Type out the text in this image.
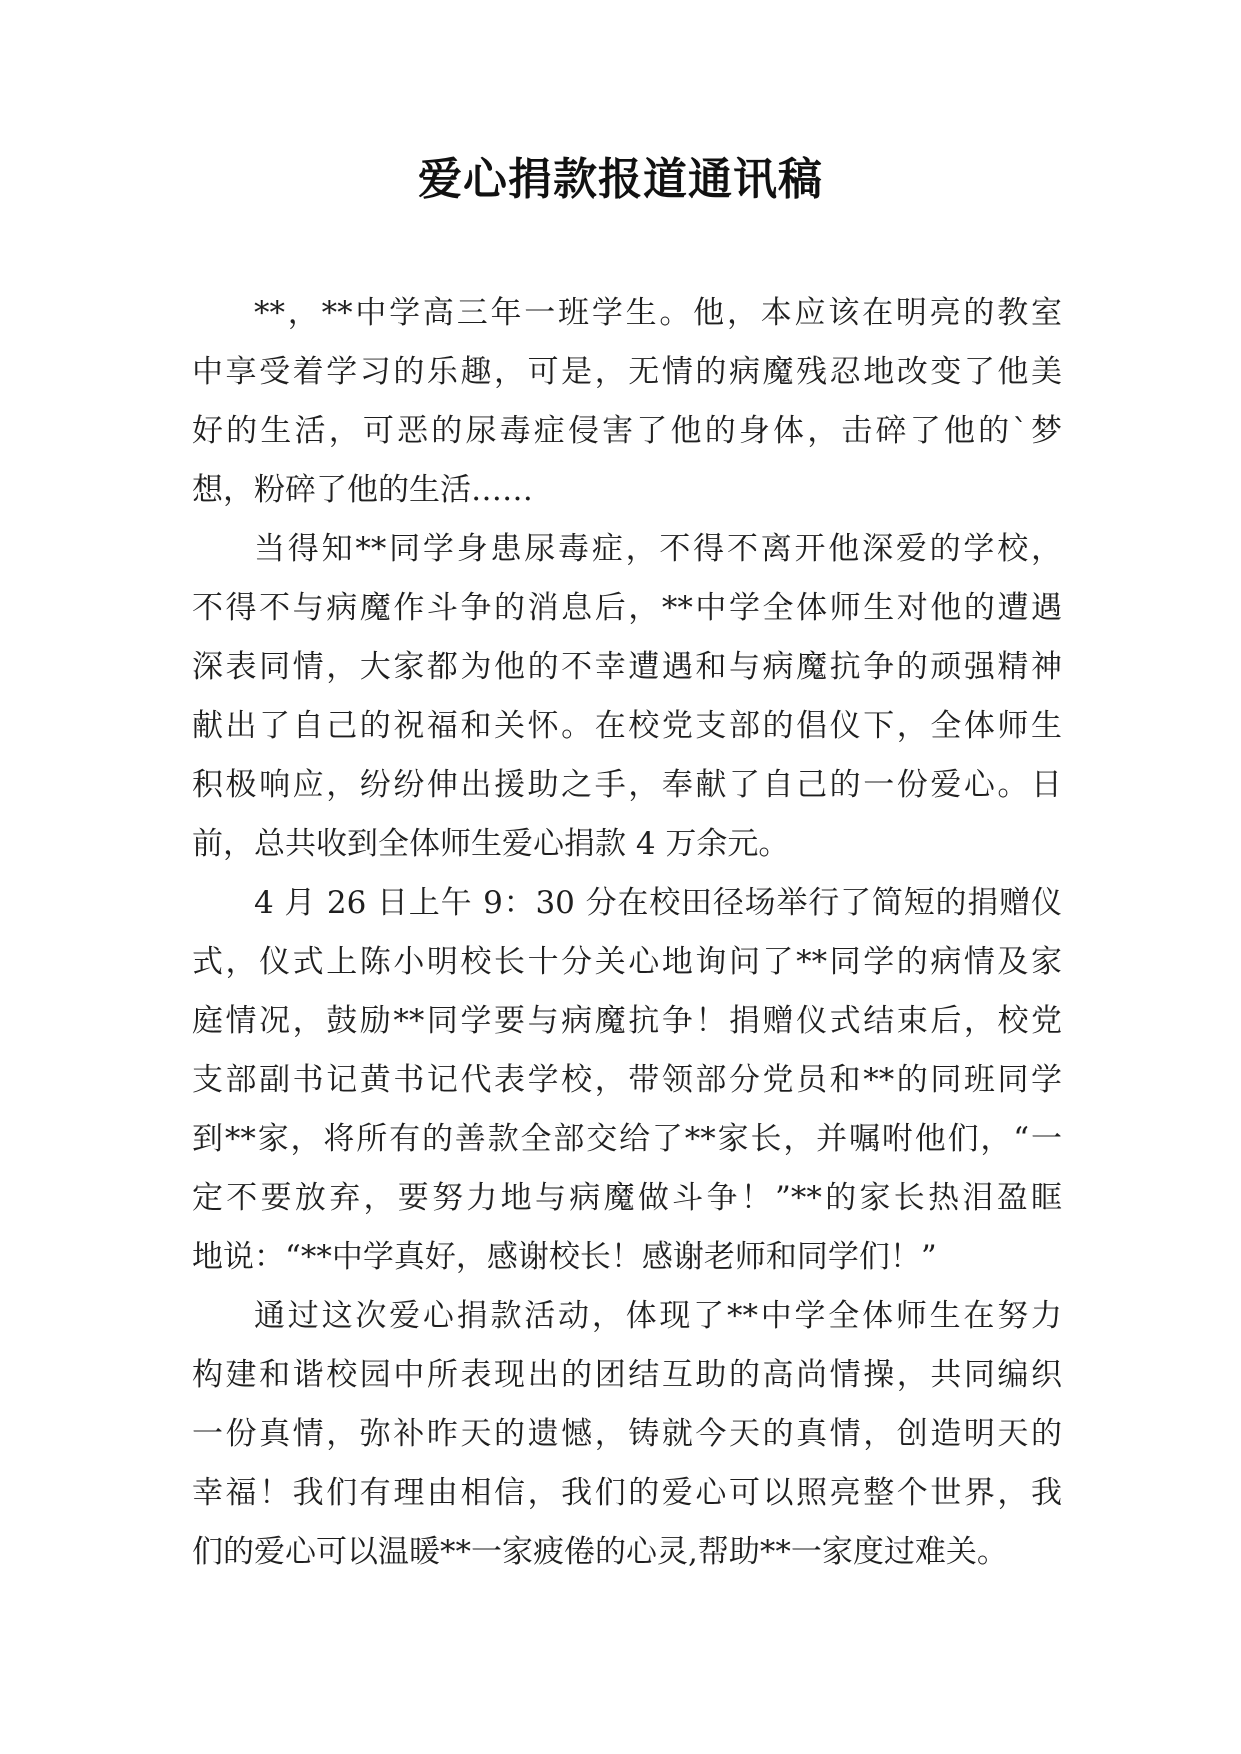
爱心捐款报道通讯稿
**，**中学高三年一班学生。他，本应该在明亮的教室
中享受着学习的乐趣，可是，无情的病魔残忍地改变了他美
好的生活，可恶的尿毒症侵害了他的身体，击碎了他的`梦
想，粉碎了他的生活……
当得知**同学身患尿毒症，不得不离开他深爱的学校，
不得不与病魔作斗争的消息后，**中学全体师生对他的遭遇
深表同情，大家都为他的不幸遭遇和与病魔抗争的顽强精神
献出了自己的祝福和关怀。在校党支部的倡仪下，全体师生
积极响应，纷纷伸出援助之手，奉献了自己的一份爱心。日
前，总共收到全体师生爱心捐款 4 万余元。
4 月 26 日上午 9：30 分在校田径场举行了简短的捐赠仪
式，仪式上陈小明校长十分关心地询问了**同学的病情及家
庭情况，鼓励**同学要与病魔抗争！捐赠仪式结束后，校党
支部副书记黄书记代表学校，带领部分党员和**的同班同学
到**家，将所有的善款全部交给了**家长，并嘱咐他们，“一
定不要放弃，要努力地与病魔做斗争！”**的家长热泪盈眶
地说：“**中学真好，感谢校长！感谢老师和同学们！”
通过这次爱心捐款活动，体现了**中学全体师生在努力
构建和谐校园中所表现出的团结互助的高尚情操，共同编织
一份真情，弥补昨天的遗憾，铸就今天的真情，创造明天的
幸福！我们有理由相信，我们的爱心可以照亮整个世界，我
们的爱心可以温暖**一家疲倦的心灵,帮助**一家度过难关。
